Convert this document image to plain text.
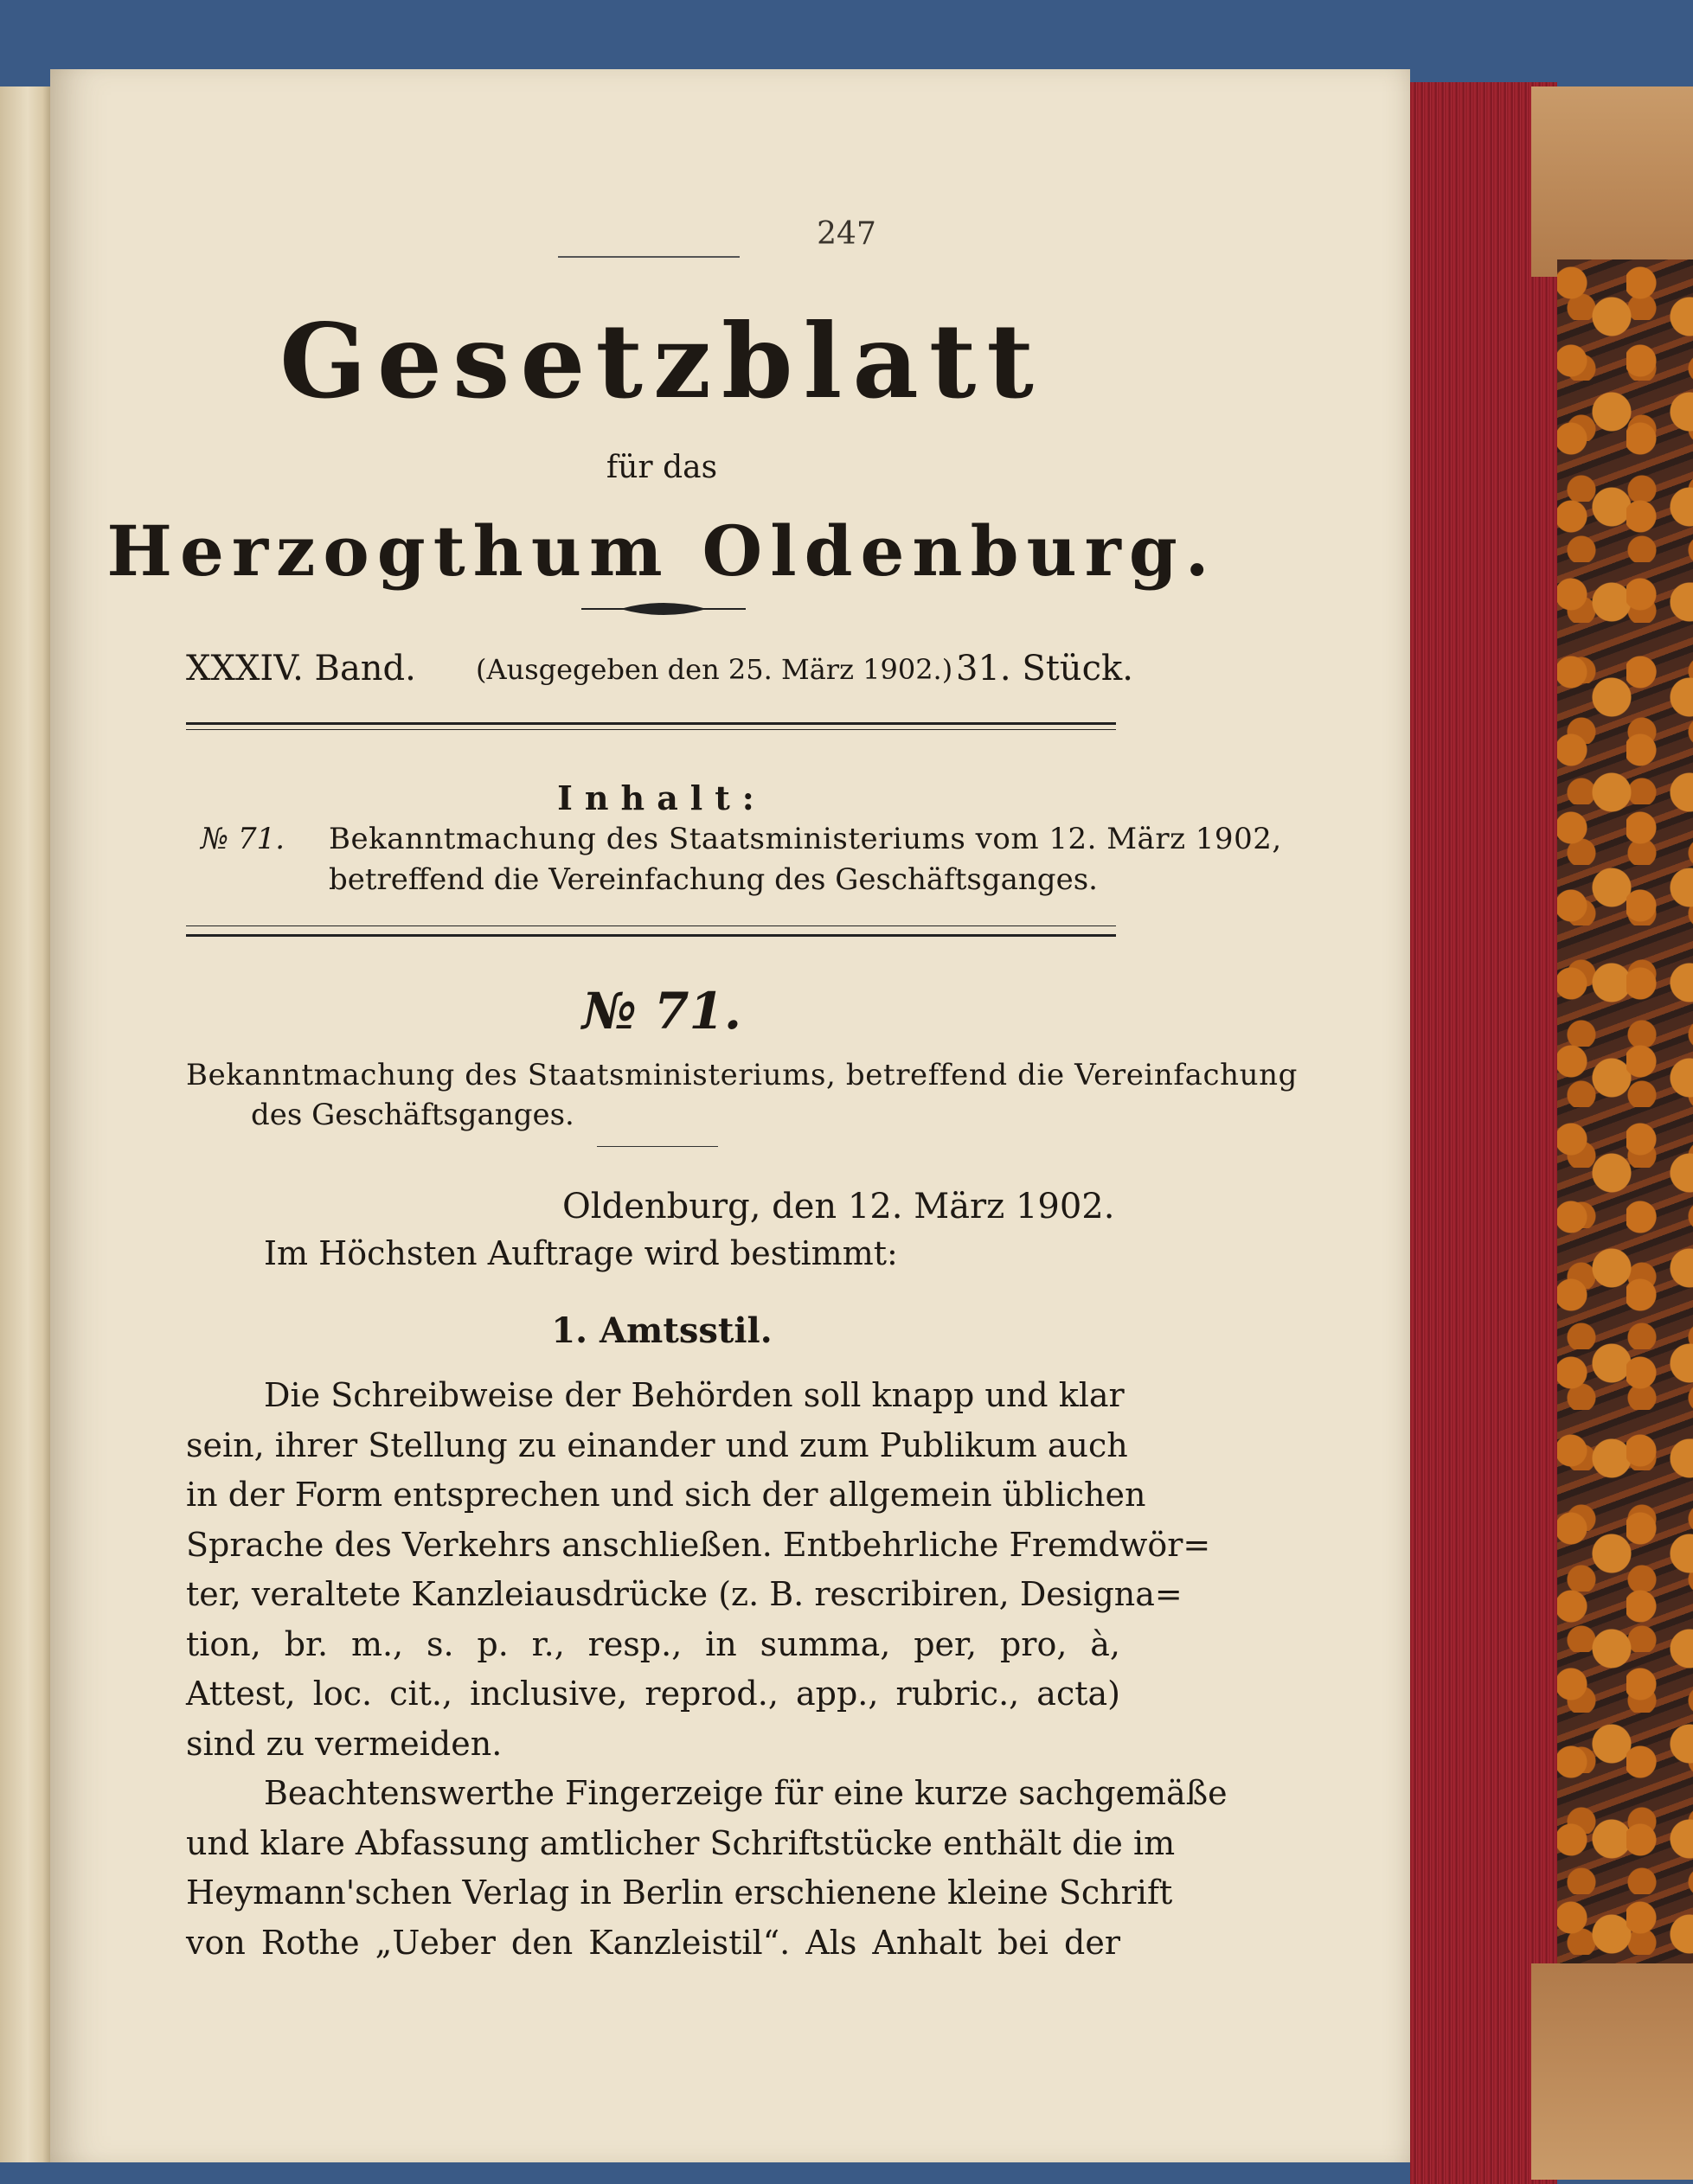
247
Gesetzblatt
für das
Herzogthum Oldenburg.
XXXIV. Band. (Ausgegeben den 25. März 1902.) 31. Stück.
Inhalt:
№ 71. Bekanntmachung des Staatsministeriums vom 12. März 1902,
betreffend die Vereinfachung des Geschäftsganges.
№ 71.
Bekanntmachung des Staatsministeriums, betreffend die Vereinfachung
des Geschäftsganges.
Oldenburg, den 12. März 1902.
Im Höchsten Auftrage wird bestimmt:
1. Amtsstil.
Die Schreibweise der Behörden soll knapp und klar
sein, ihrer Stellung zu einander und zum Publikum auch
in der Form entsprechen und sich der allgemein üblichen
Sprache des Verkehrs anschließen. Entbehrliche Fremdwör=
ter, veraltete Kanzleiausdrücke (z. B. rescribiren, Designa=
tion, br. m., s. p. r., resp., in summa, per, pro, à,
Attest, loc. cit., inclusive, reprod., app., rubric., acta)
sind zu vermeiden.
Beachtenswerthe Fingerzeige für eine kurze sachgemäße
und klare Abfassung amtlicher Schriftstücke enthält die im
Heymann'schen Verlag in Berlin erschienene kleine Schrift
von Rothe „Ueber den Kanzleistil“. Als Anhalt bei der
